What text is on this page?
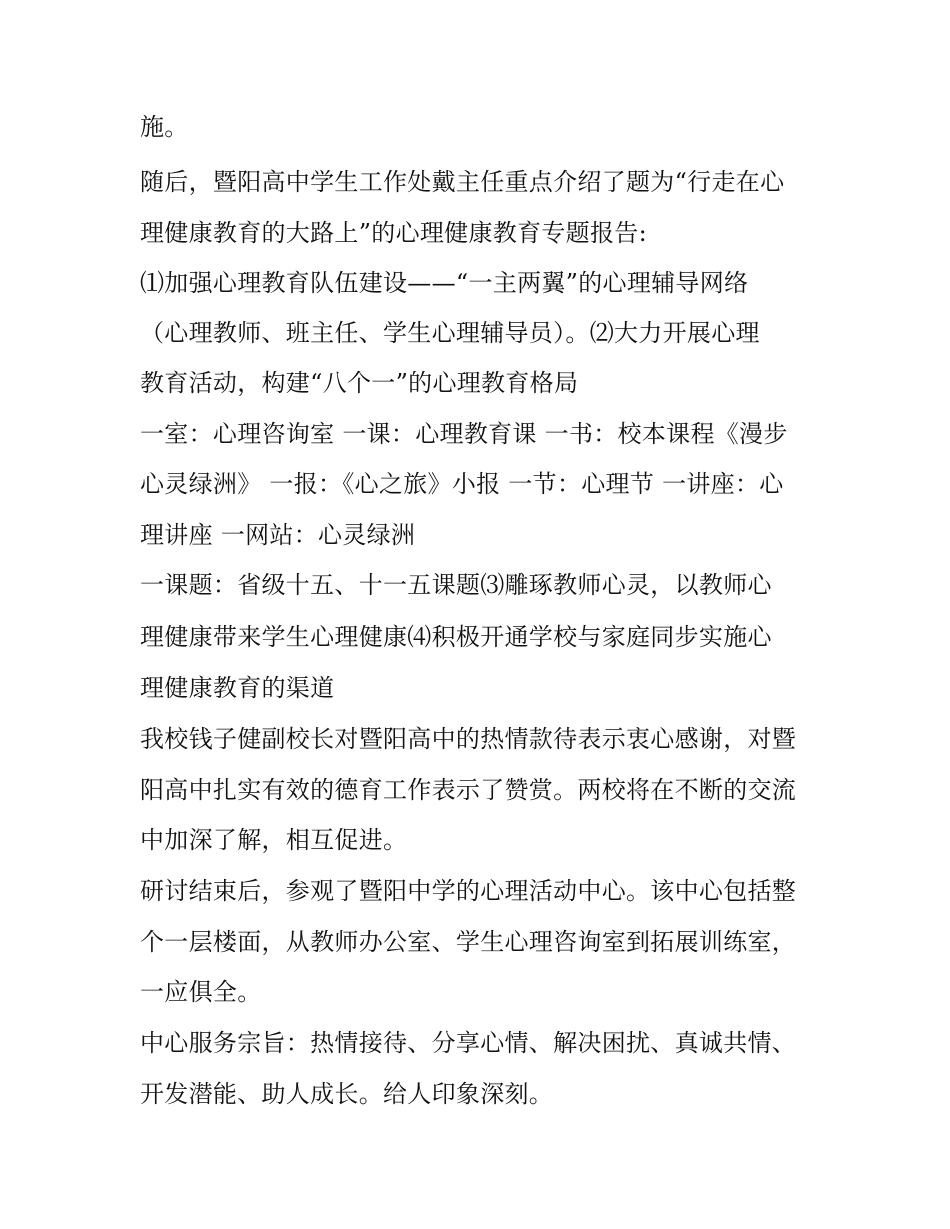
施。
随后，暨阳高中学生工作处戴主任重点介绍了题为“行走在心
理健康教育的大路上”的心理健康教育专题报告:
⑴加强心理教育队伍建设——“一主两翼”的心理辅导网络
（心理教师、班主任、学生心理辅导员）。⑵大力开展心理
教育活动，构建“八个一”的心理教育格局
一室：心理咨询室 一课：心理教育课 一书：校本课程《漫步
心灵绿洲》 一报：《心之旅》小报 一节：心理节 一讲座：心
理讲座 一网站：心灵绿洲
一课题：省级十五、十一五课题⑶雕琢教师心灵，以教师心
理健康带来学生心理健康⑷积极开通学校与家庭同步实施心
理健康教育的渠道
我校钱子健副校长对暨阳高中的热情款待表示衷心感谢，对暨
阳高中扎实有效的德育工作表示了赞赏。两校将在不断的交流
中加深了解，相互促进。
研讨结束后，参观了暨阳中学的心理活动中心。该中心包括整
个一层楼面，从教师办公室、学生心理咨询室到拓展训练室，
一应俱全。
中心服务宗旨：热情接待、分享心情、解决困扰、真诚共情、
开发潜能、助人成长。给人印象深刻。
